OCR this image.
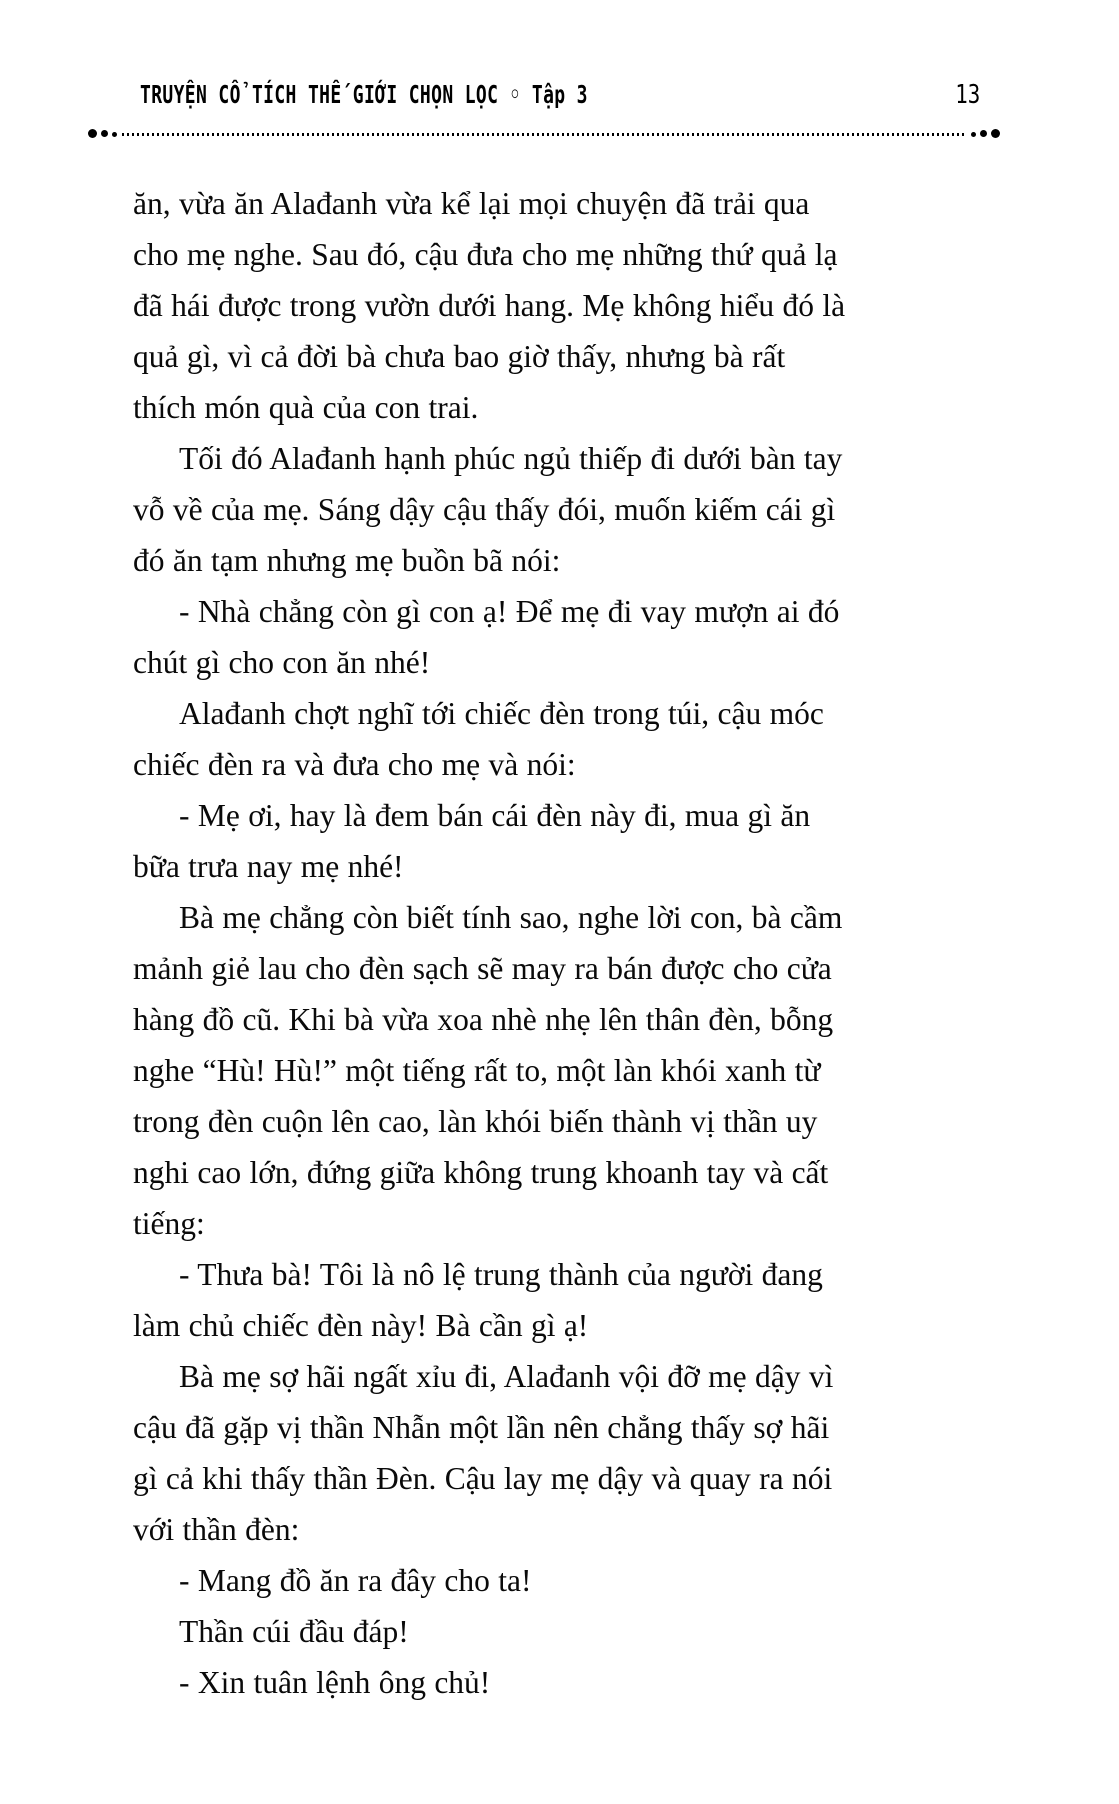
TRUYỆN CỔ TÍCH THẾ GIỚI CHỌN LỌC ◦ Tập 3	13

ăn, vừa ăn Alađanh vừa kể lại mọi chuyện đã trải qua cho mẹ nghe. Sau đó, cậu đưa cho mẹ những thứ quả lạ đã hái được trong vườn dưới hang. Mẹ không hiểu đó là quả gì, vì cả đời bà chưa bao giờ thấy, nhưng bà rất thích món quà của con trai.

Tối đó Alađanh hạnh phúc ngủ thiếp đi dưới bàn tay vỗ về của mẹ. Sáng dậy cậu thấy đói, muốn kiếm cái gì đó ăn tạm nhưng mẹ buồn bã nói:

- Nhà chẳng còn gì con ạ! Để mẹ đi vay mượn ai đó chút gì cho con ăn nhé!

Alađanh chợt nghĩ tới chiếc đèn trong túi, cậu móc chiếc đèn ra và đưa cho mẹ và nói:

- Mẹ ơi, hay là đem bán cái đèn này đi, mua gì ăn bữa trưa nay mẹ nhé!

Bà mẹ chẳng còn biết tính sao, nghe lời con, bà cầm mảnh giẻ lau cho đèn sạch sẽ may ra bán được cho cửa hàng đồ cũ. Khi bà vừa xoa nhè nhẹ lên thân đèn, bỗng nghe “Hù! Hù!” một tiếng rất to, một làn khói xanh từ trong đèn cuộn lên cao, làn khói biến thành vị thần uy nghi cao lớn, đứng giữa không trung khoanh tay và cất tiếng:

- Thưa bà! Tôi là nô lệ trung thành của người đang làm chủ chiếc đèn này! Bà cần gì ạ!

Bà mẹ sợ hãi ngất xỉu đi, Alađanh vội đỡ mẹ dậy vì cậu đã gặp vị thần Nhẫn một lần nên chẳng thấy sợ hãi gì cả khi thấy thần Đèn. Cậu lay mẹ dậy và quay ra nói với thần đèn:

- Mang đồ ăn ra đây cho ta!

Thần cúi đầu đáp!

- Xin tuân lệnh ông chủ!
